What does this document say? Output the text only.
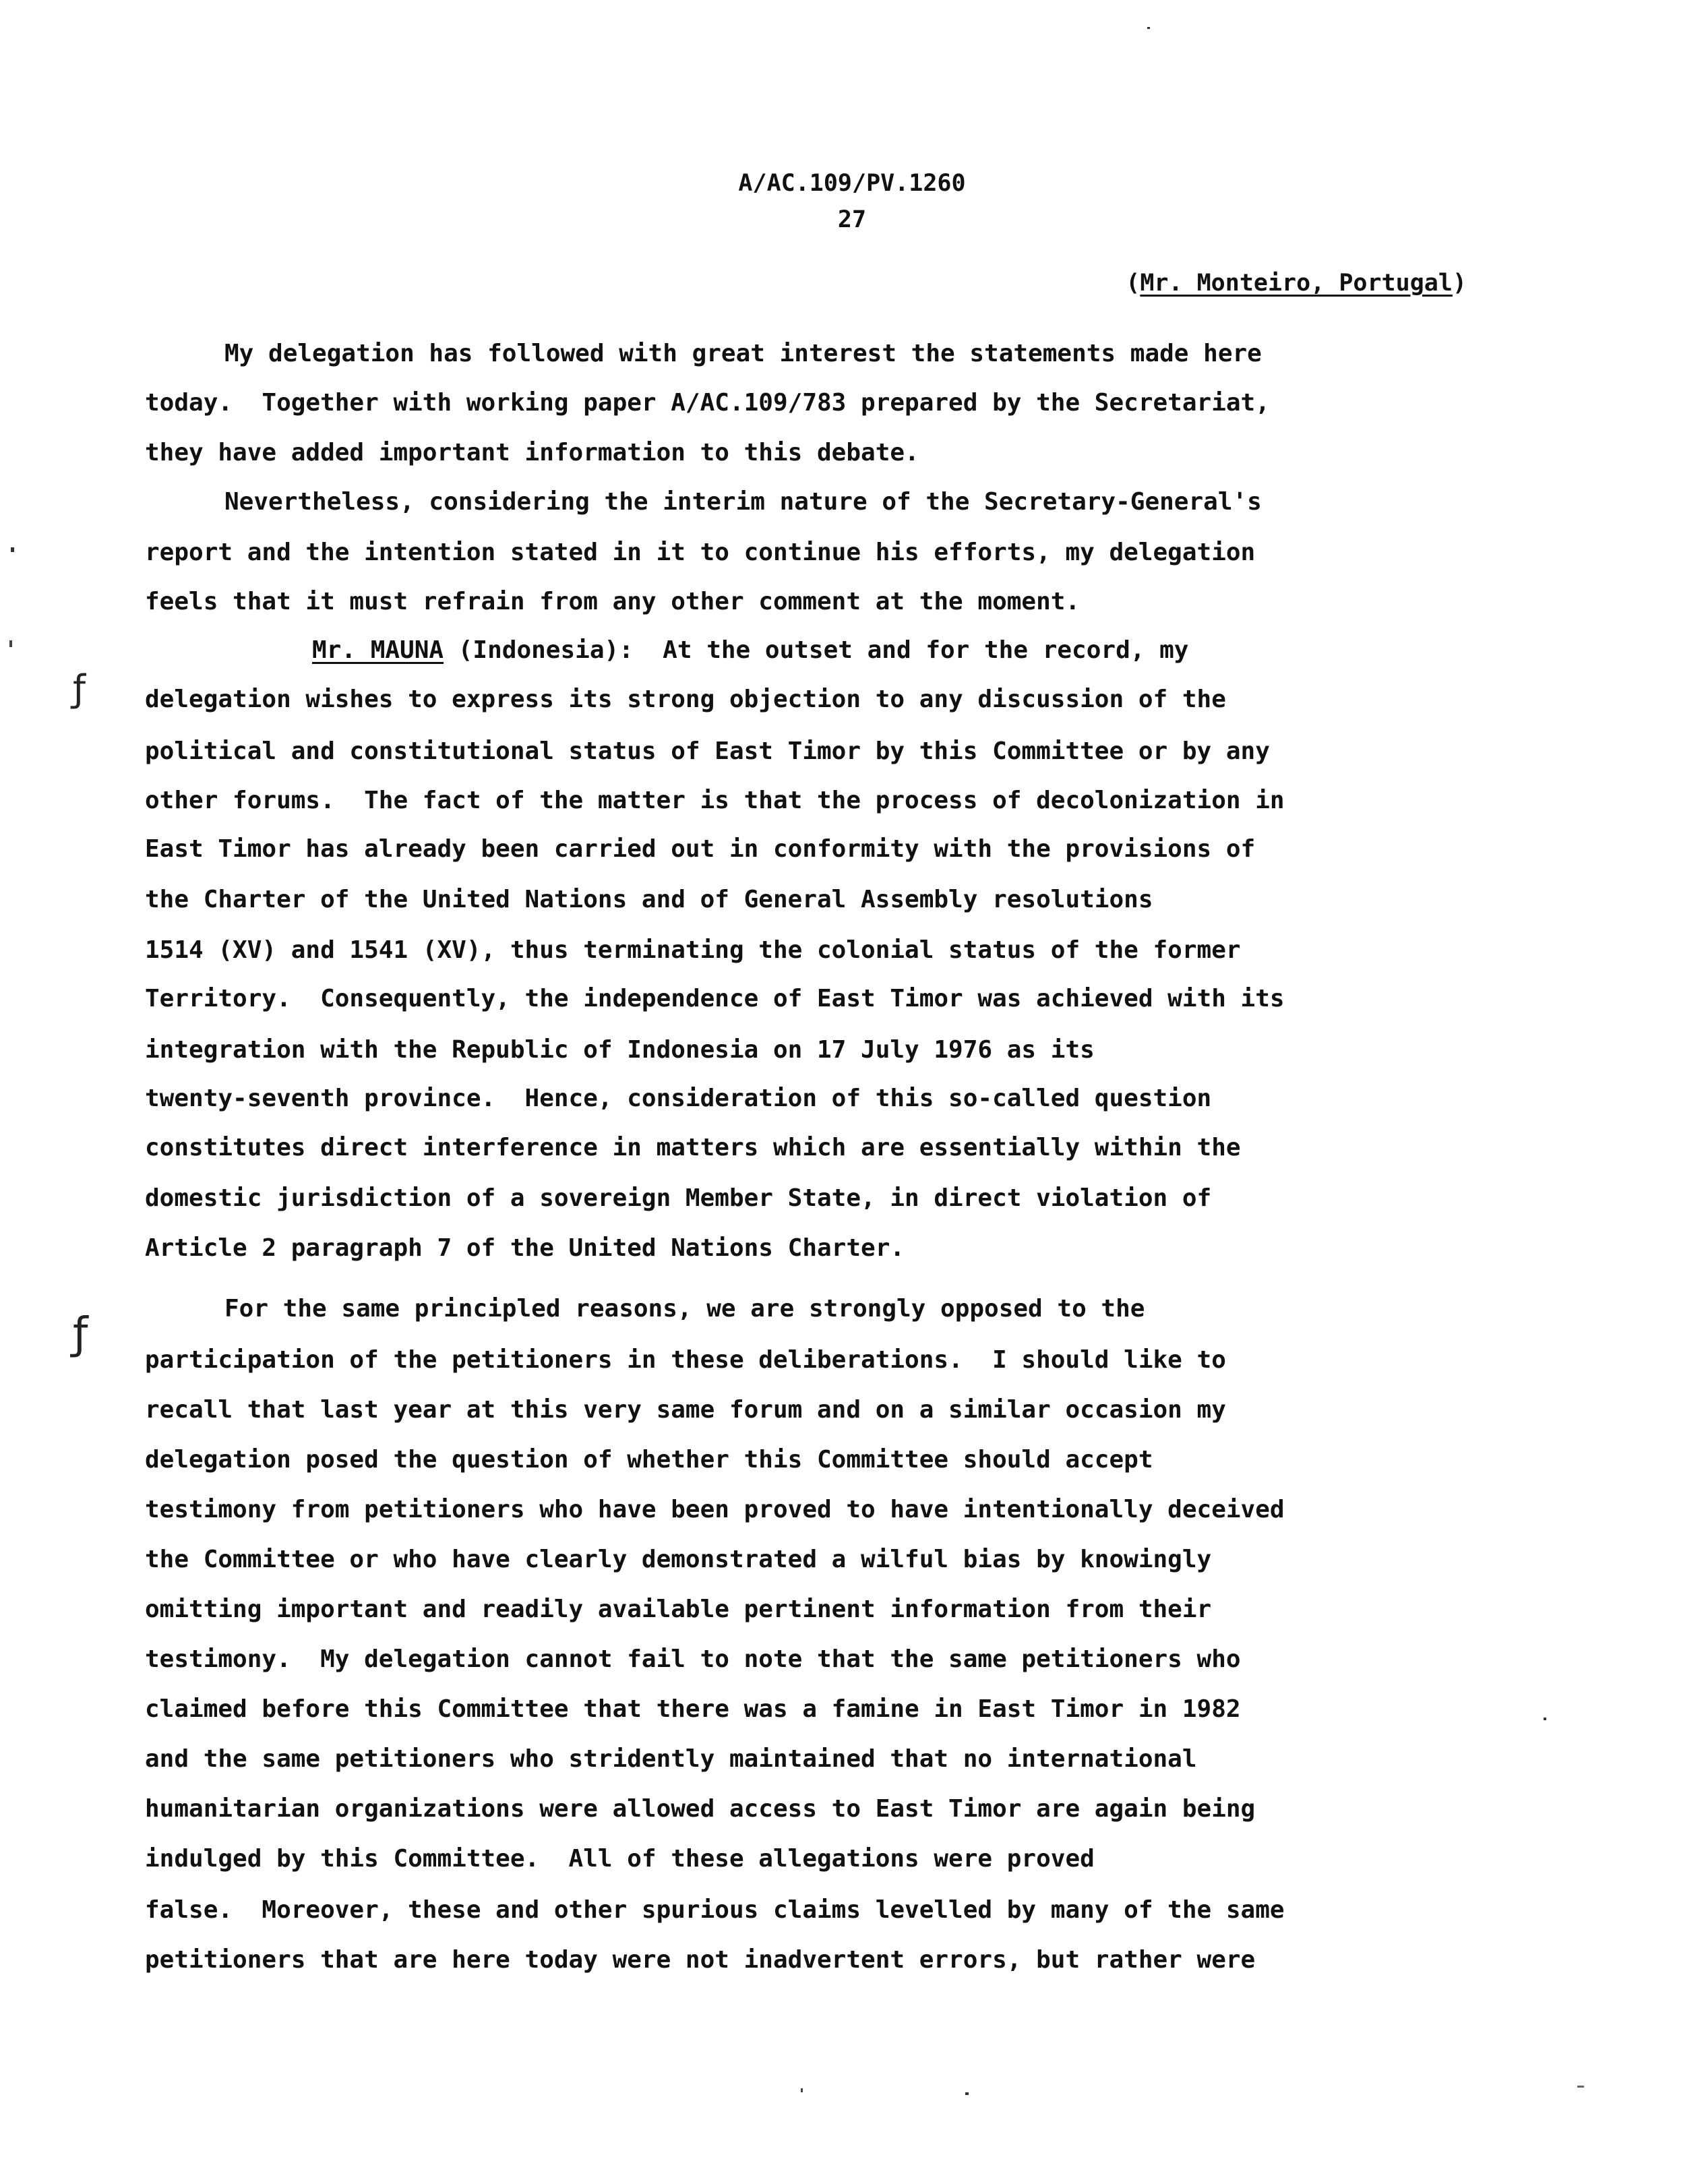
A/AC.109/PV.1260
27
(Mr. Monteiro, Portugal)
My delegation has followed with great interest the statements made here
today.  Together with working paper A/AC.109/783 prepared by the Secretariat,
they have added important information to this debate.
Nevertheless, considering the interim nature of the Secretary-General's
report and the intention stated in it to continue his efforts, my delegation
feels that it must refrain from any other comment at the moment.
Mr. MAUNA (Indonesia):  At the outset and for the record, my
delegation wishes to express its strong objection to any discussion of the
political and constitutional status of East Timor by this Committee or by any
other forums.  The fact of the matter is that the process of decolonization in
East Timor has already been carried out in conformity with the provisions of
the Charter of the United Nations and of General Assembly resolutions
1514 (XV) and 1541 (XV), thus terminating the colonial status of the former
Territory.  Consequently, the independence of East Timor was achieved with its
integration with the Republic of Indonesia on 17 July 1976 as its
twenty-seventh province.  Hence, consideration of this so-called question
constitutes direct interference in matters which are essentially within the
domestic jurisdiction of a sovereign Member State, in direct violation of
Article 2 paragraph 7 of the United Nations Charter.
For the same principled reasons, we are strongly opposed to the
participation of the petitioners in these deliberations.  I should like to
recall that last year at this very same forum and on a similar occasion my
delegation posed the question of whether this Committee should accept
testimony from petitioners who have been proved to have intentionally deceived
the Committee or who have clearly demonstrated a wilful bias by knowingly
omitting important and readily available pertinent information from their
testimony.  My delegation cannot fail to note that the same petitioners who
claimed before this Committee that there was a famine in East Timor in 1982
and the same petitioners who stridently maintained that no international
humanitarian organizations were allowed access to East Timor are again being
indulged by this Committee.  All of these allegations were proved
false.  Moreover, these and other spurious claims levelled by many of the same
petitioners that are here today were not inadvertent errors, but rather were
ƒ
ƒ
